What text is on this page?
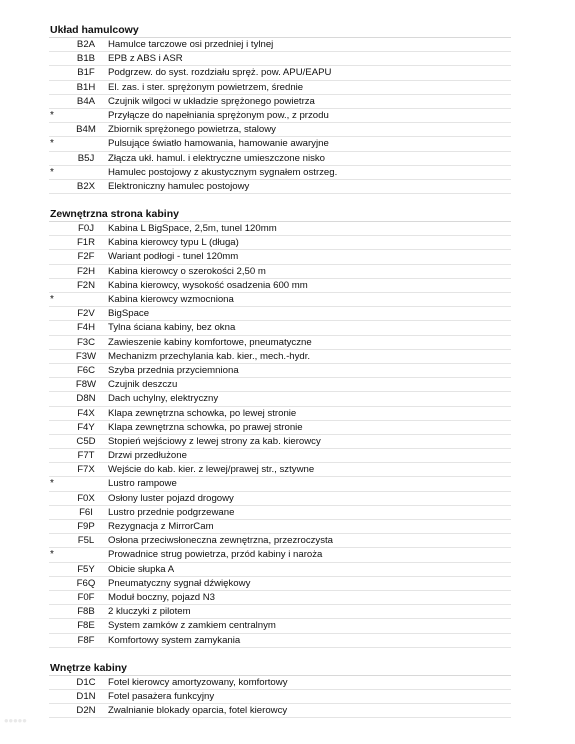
Układ hamulcowy
B2A	Hamulce tarczowe osi przedniej i tylnej
B1B	EPB z ABS i ASR
B1F	Podgrzew. do syst. rozdziału spręż. pow. APU/EAPU
B1H	El. zas. i ster. sprężonym powietrzem, średnie
B4A	Czujnik wilgoci w układzie sprężonego powietrza
*	Przyłącze do napełniania sprężonym pow., z przodu
B4M	Zbiornik sprężonego powietrza, stalowy
*	Pulsujące światło hamowania, hamowanie awaryjne
B5J	Złącza ukł. hamul. i elektryczne umieszczone nisko
*	Hamulec postojowy z akustycznym sygnałem ostrzeg.
B2X	Elektroniczny hamulec postojowy
Zewnętrzna strona kabiny
F0J	Kabina L BigSpace, 2,5m, tunel 120mm
F1R	Kabina kierowcy typu L (długa)
F2F	Wariant podłogi - tunel 120mm
F2H	Kabina kierowcy o szerokości 2,50 m
F2N	Kabina kierowcy, wysokość osadzenia 600 mm
*	Kabina kierowcy wzmocniona
F2V	BigSpace
F4H	Tylna ściana kabiny, bez okna
F3C	Zawieszenie kabiny komfortowe, pneumatyczne
F3W	Mechanizm przechylania kab. kier., mech.-hydr.
F6C	Szyba przednia przyciemniona
F8W	Czujnik deszczu
D8N	Dach uchylny, elektryczny
F4X	Klapa zewnętrzna schowka, po lewej stronie
F4Y	Klapa zewnętrzna schowka, po prawej stronie
C5D	Stopień wejściowy z lewej strony za kab. kierowcy
F7T	Drzwi przedłużone
F7X	Wejście do kab. kier. z lewej/prawej str., sztywne
*	Lustro rampowe
F0X	Osłony luster pojazd drogowy
F6I	Lustro przednie podgrzewane
F9P	Rezygnacja z MirrorCam
F5L	Osłona przeciwsłoneczna zewnętrzna, przezroczysta
*	Prowadnice strug powietrza, przód kabiny i naroża
F5Y	Obicie słupka A
F6Q	Pneumatyczny sygnał dźwiękowy
F0F	Moduł boczny, pojazd N3
F8B	2 kluczyki z pilotem
F8E	System zamków z zamkiem centralnym
F8F	Komfortowy system zamykania
Wnętrze kabiny
D1C	Fotel kierowcy amortyzowany, komfortowy
D1N	Fotel pasażera funkcyjny
D2N	Zwalnianie blokady oparcia, fotel kierowcy
•••••
